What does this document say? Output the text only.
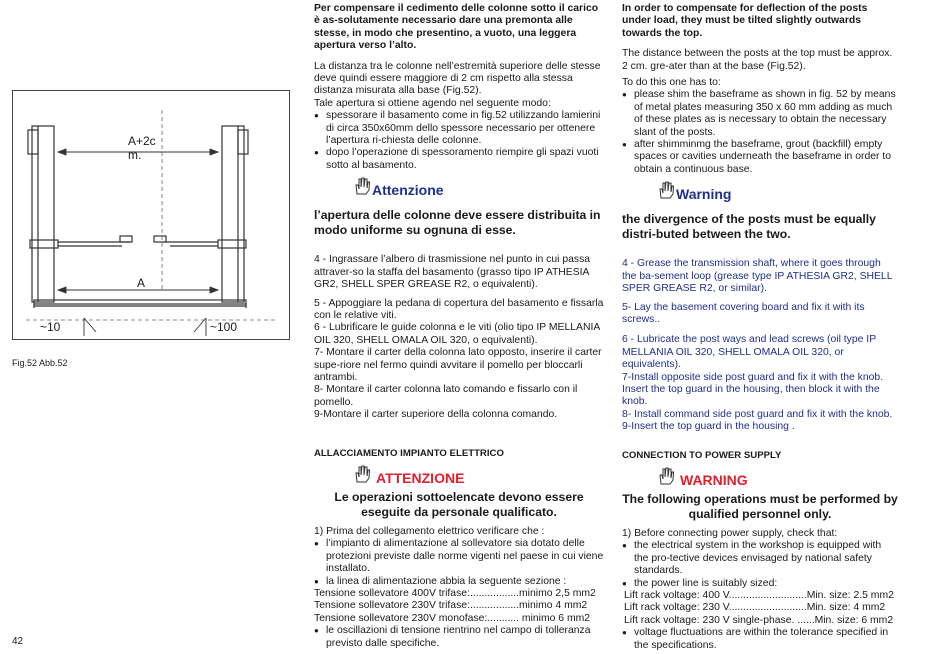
A+2c
m.
A
~10	~100
Fig.52 Abb.52
42

Per compensare il cedimento delle colonne sotto il carico è as-solutamente necessario dare una premonta alle stesse, in modo che presentino, a vuoto, una leggera apertura verso l’alto.

La distanza tra le colonne nell’estremità superiore delle stesse deve quindi essere maggiore di 2 cm rispetto alla stessa distanza misurata alla base (Fig.52).

Tale apertura si ottiene agendo nel seguente modo:

● spessorare il basamento come in fig.52 utilizzando lamierini di circa 350x60mm dello spessore necessario per ottenere l’apertura ri-chiesta delle colonne.
● dopo l’operazione di spessoramento riempire gli spazi vuoti sotto al basamento.
Attenzione

l’apertura delle colonne deve essere distribuita in modo uniforme su ognuna di esse.

4 - Ingrassare l’albero di trasmissione nel punto in cui passa attraver-so la staffa del basamento (grasso tipo IP ATHESIA GR2, SHELL SPER GREASE R2, o equivalenti).

5 - Appoggiare la pedana di copertura del basamento e fissarla con le relative viti.

6 - Lubrificare le guide colonna e le viti (olio tipo IP MELLANIA OIL 320, SHELL OMALA OIL 320, o equivalenti).

7- Montare il carter della colonna lato opposto, inserire il carter supe-riore nel fermo quindi avvitare il pomello per bloccarli antrambi.

8- Montare il carter colonna lato comando e fissarlo con il pomello.

9-Montare il carter superiore della colonna comando.

ALLACCIAMENTO IMPIANTO ELETTRICO

ATTENZIONE

Le operazioni sottoelencate devono essere eseguite da personale qualificato.

1) Prima del collegamento elettrico verificare che :

● l’impianto di alimentazione al sollevatore sia dotato delle protezioni previste dalle norme vigenti nel paese in cui viene installato.
● la linea di alimentazione abbia la seguente sezione :

Tensione sollevatore 400V trifase:.................minimo 2,5 mm2

Tensione sollevatore 230V trifase:.................minimo 4 mm2

Tensione sollevatore 230V monofase:........... minimo 6 mm2

● le oscillazioni di tensione rientrino nel campo di tolleranza previsto dalle specifiche.

In order to compensate for deflection of the posts under load, they must be tilted slightly outwards towards the top.

The distance between the posts at the top must be approx. 2 cm. gre-ater than at the base (Fig.52).

To do this one has to:

● please shim the baseframe as shown in fig. 52 by means of metal plates measuring 350 x 60 mm adding as much of these plates as is necessary to obtain the necessary slant of the posts.
● after shimminmg the baseframe, grout (backfill) empty spaces or cavities underneath the baseframe in order to obtain a continuous base.
Warning

the divergence of the posts must be equally distri-buted between the two.

4 - Grease the transmission shaft, where it goes through the ba-sement loop (grease type IP ATHESIA GR2, SHELL SPER GREASE R2, or similar).

5- Lay the basement covering board and fix it with its screws..

6 - Lubricate the post ways and lead screws (oil type IP MELLANIA OIL 320, SHELL OMALA OIL 320, or equivalents).

7-Install opposite side post guard and fix it with the knob. Insert the top guard in the housing, then block it with the knob.

8- Install command side post guard and fix it with the knob.

9-Insert the top guard in the housing .

CONNECTION TO POWER SUPPLY

WARNING

The following operations must be performed by qualified personnel only.

1) Before connecting power supply, check that:

● the electrical system in the workshop is equipped with the pro-tective devices envisaged by national safety standards.
● the power line is suitably sized:

Lift rack voltage: 400 V...........................Min. size: 2.5 mm2

Lift rack voltage: 230 V...........................Min. size: 4 mm2

Lift rack voltage: 230 V single-phase. ......Min. size: 6 mm2

● voltage fluctuations are within the tolerance specified in the specifications.
